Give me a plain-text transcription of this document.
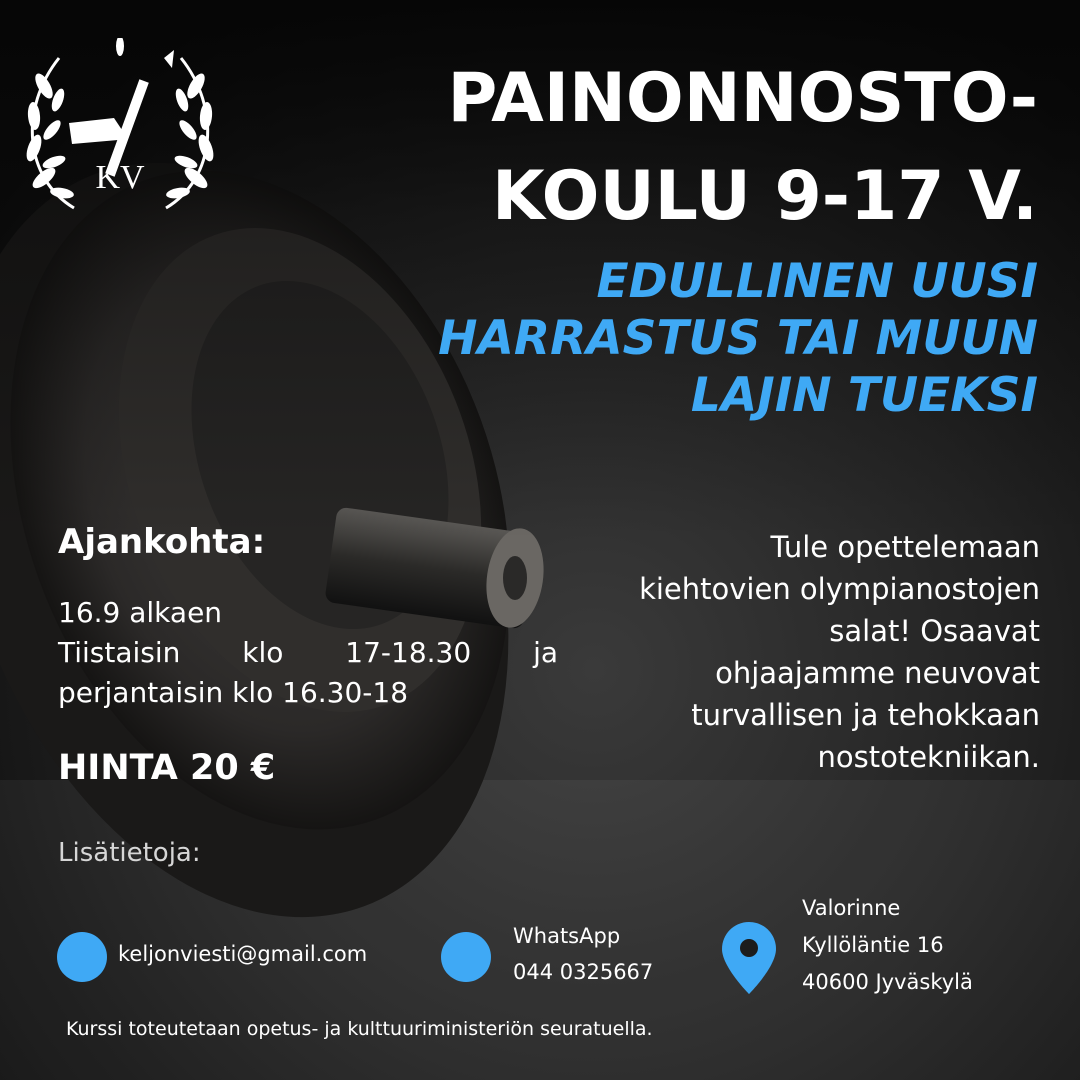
KV
PAINONNOSTO-
KOULU 9-17 V.
EDULLINEN UUSI
HARRASTUS TAI MUUN
LAJIN TUEKSI
Ajankohta:
16.9 alkaen
Tiistaisin klo 17-18.30 ja
perjantaisin klo 16.30-18
HINTA 20 €
Tule opettelemaan
kiehtovien olympianostojen
salat! Osaavat
ohjaajamme neuvovat
turvallisen ja tehokkaan
nostotekniikan.
Lisätietoja:
keljonviesti@gmail.com
WhatsApp
044 0325667
Valorinne
Kyllöläntie 16
40600 Jyväskylä
Kurssi toteutetaan opetus- ja kulttuuriministeriön seuratuella.
